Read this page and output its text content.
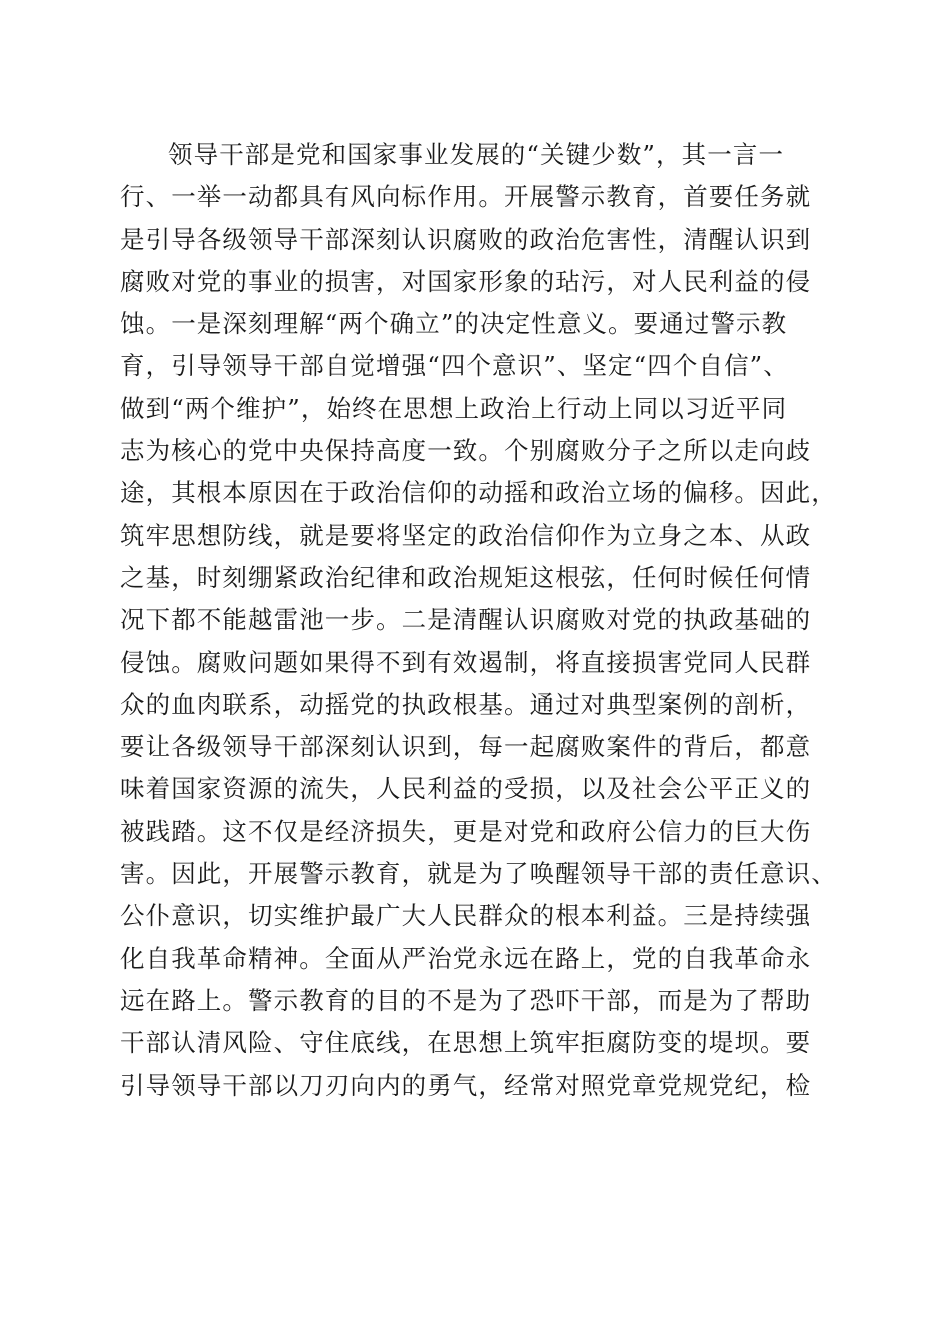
领导干部是党和国家事业发展的“关键少数”，其一言一
行、一举一动都具有风向标作用。开展警示教育，首要任务就
是引导各级领导干部深刻认识腐败的政治危害性，清醒认识到
腐败对党的事业的损害，对国家形象的玷污，对人民利益的侵
蚀。一是深刻理解“两个确立”的决定性意义。要通过警示教
育，引导领导干部自觉增强“四个意识”、坚定“四个自信”、
做到“两个维护”，始终在思想上政治上行动上同以习近平同
志为核心的党中央保持高度一致。个别腐败分子之所以走向歧
途，其根本原因在于政治信仰的动摇和政治立场的偏移。因此，
筑牢思想防线，就是要将坚定的政治信仰作为立身之本、从政
之基，时刻绷紧政治纪律和政治规矩这根弦，任何时候任何情
况下都不能越雷池一步。二是清醒认识腐败对党的执政基础的
侵蚀。腐败问题如果得不到有效遏制，将直接损害党同人民群
众的血肉联系，动摇党的执政根基。通过对典型案例的剖析，
要让各级领导干部深刻认识到，每一起腐败案件的背后，都意
味着国家资源的流失，人民利益的受损，以及社会公平正义的
被践踏。这不仅是经济损失，更是对党和政府公信力的巨大伤
害。因此，开展警示教育，就是为了唤醒领导干部的责任意识、
公仆意识，切实维护最广大人民群众的根本利益。三是持续强
化自我革命精神。全面从严治党永远在路上，党的自我革命永
远在路上。警示教育的目的不是为了恐吓干部，而是为了帮助
干部认清风险、守住底线，在思想上筑牢拒腐防变的堤坝。要
引导领导干部以刀刃向内的勇气，经常对照党章党规党纪，检
